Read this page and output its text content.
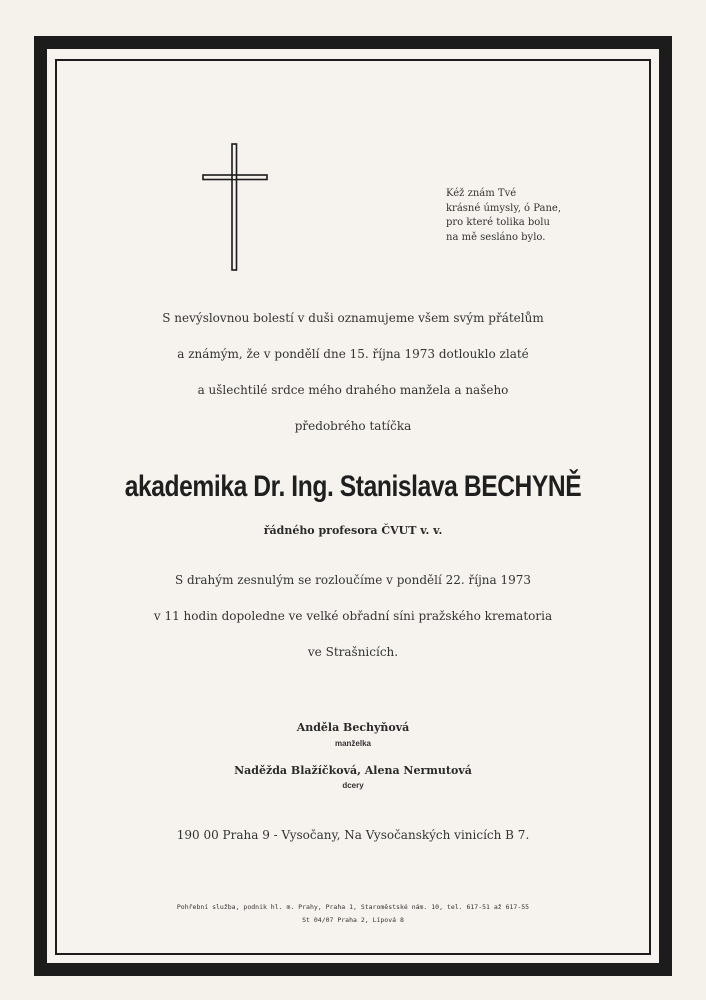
Kéž znám Tvé
krásné úmysly, ó Pane,
pro které tolika bolu
na mě sesláno bylo.
S nevýslovnou bolestí v duši oznamujeme všem svým přátelům
a známým, že v pondělí dne 15. října 1973 dotlouklo zlaté
a ušlechtilé srdce mého drahého manžela a našeho
předobrého tatíčka
akademika Dr. Ing. Stanislava BECHYNĚ
řádného profesora ČVUT v. v.
S drahým zesnulým se rozloučíme v pondělí 22. října 1973
v 11 hodin dopoledne ve velké obřadní síni pražského krematoria
ve Strašnicích.
Anděla Bechyňová
manželka
Naděžda Blažíčková, Alena Nermutová
dcery
190 00 Praha 9 - Vysočany, Na Vysočanských vinicích B 7.
Pohřební služba, podnik hl. m. Prahy, Praha 1, Staroměstské nám. 10, tel. 617-51 až 617-55
St 04/07 Praha 2, Lípová 8
